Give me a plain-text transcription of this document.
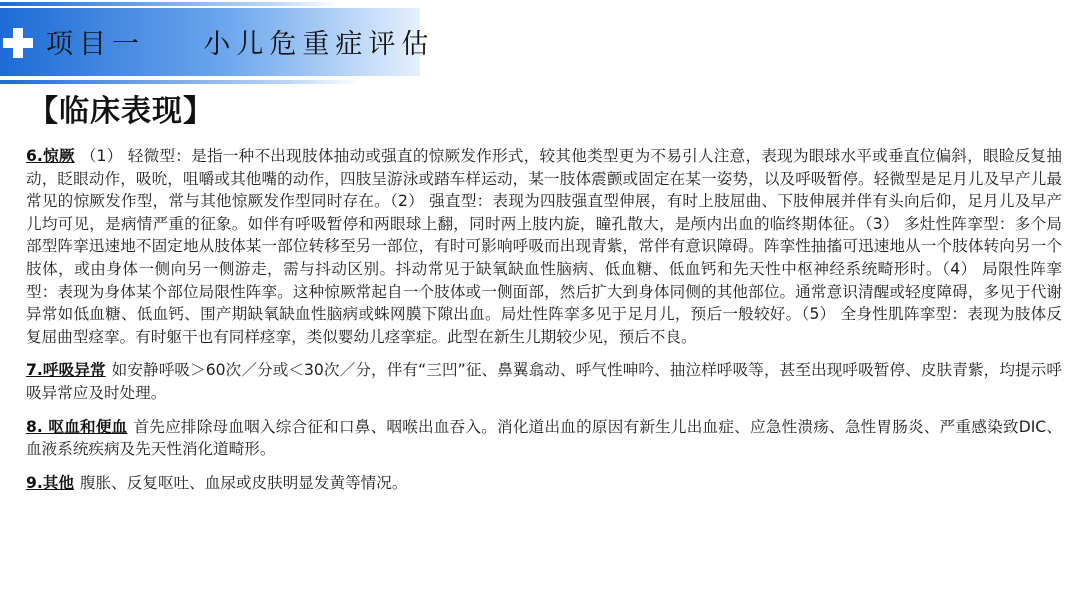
项目一    小儿危重症评估
【临床表现】

6.惊厥 （1） 轻微型：是指一种不出现肢体抽动或强直的惊厥发作形式，较其他类型更为不易引人注意，表现为眼球水平或垂直位偏斜，眼睑反复抽动，眨眼动作，吸吮，咀嚼或其他嘴的动作，四肢呈游泳或踏车样运动，某一肢体震颤或固定在某一姿势，以及呼吸暂停。轻微型是足月儿及早产儿最常见的惊厥发作型，常与其他惊厥发作型同时存在。（2） 强直型：表现为四肢强直型伸展，有时上肢屈曲、下肢伸展并伴有头向后仰，足月儿及早产儿均可见，是病情严重的征象。如伴有呼吸暂停和两眼球上翻，同时两上肢内旋，瞳孔散大，是颅内出血的临终期体征。（3） 多灶性阵挛型：多个局部型阵挛迅速地不固定地从肢体某一部位转移至另一部位，有时可影响呼吸而出现青紫，常伴有意识障碍。阵挛性抽搐可迅速地从一个肢体转向另一个肢体，或由身体一侧向另一侧游走，需与抖动区别。抖动常见于缺氧缺血性脑病、低血糖、低血钙和先天性中枢神经系统畸形时。（4） 局限性阵挛型：表现为身体某个部位局限性阵挛。这种惊厥常起自一个肢体或一侧面部，然后扩大到身体同侧的其他部位。通常意识清醒或轻度障碍，多见于代谢异常如低血糖、低血钙、围产期缺氧缺血性脑病或蛛网膜下隙出血。局灶性阵挛多见于足月儿，预后一般较好。（5） 全身性肌阵挛型：表现为肢体反复屈曲型痉挛。有时躯干也有同样痉挛，类似婴幼儿痉挛症。此型在新生儿期较少见，预后不良。

7.呼吸异常 如安静呼吸＞60次／分或＜30次／分，伴有“三凹”征、鼻翼翕动、呼气性呻吟、抽泣样呼吸等，甚至出现呼吸暂停、皮肤青紫，均提示呼吸异常应及时处理。

8. 呕血和便血 首先应排除母血咽入综合征和口鼻、咽喉出血吞入。消化道出血的原因有新生儿出血症、应急性溃疡、急性胃肠炎、严重感染致DIC、血液系统疾病及先天性消化道畸形。

9.其他 腹胀、反复呕吐、血尿或皮肤明显发黄等情况。
